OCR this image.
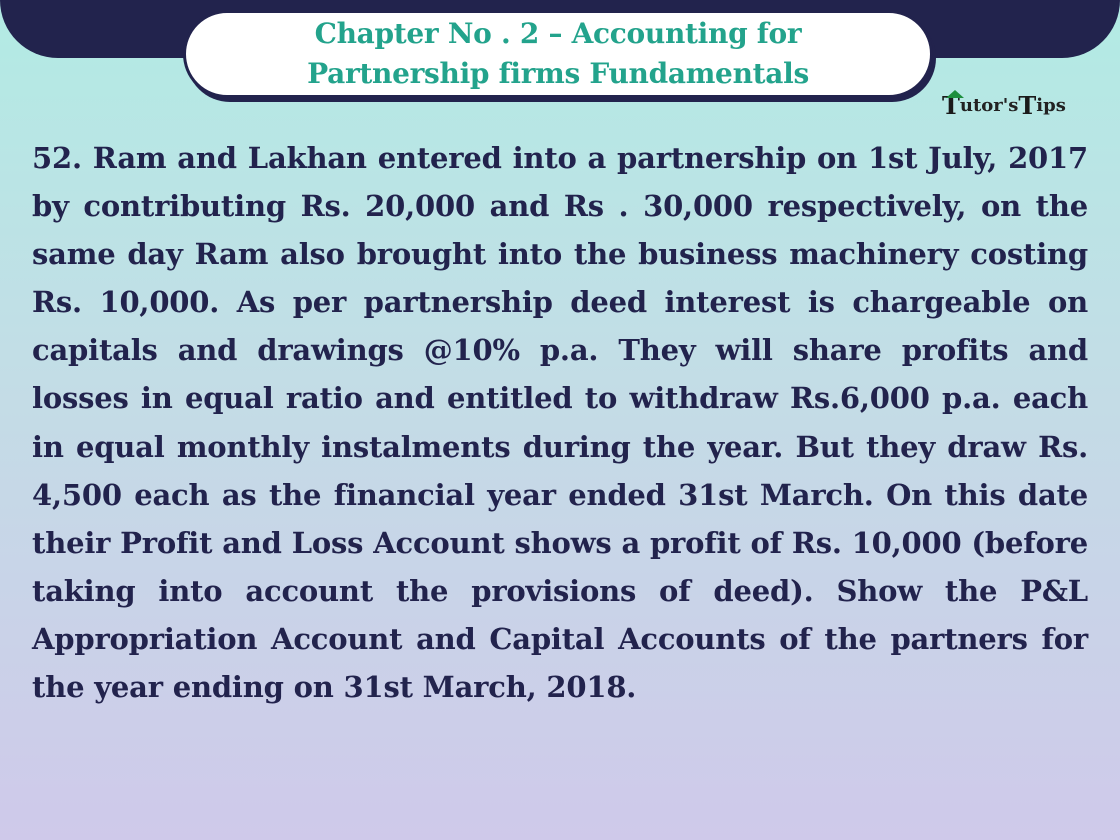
Chapter No . 2 – Accounting for
Partnership firms Fundamentals
T utor 's T ips
52. Ram and Lakhan entered into a partnership on 1st July, 2017 by contributing Rs. 20,000 and Rs . 30,000 respectively, on the same day Ram also brought into the business machinery costing Rs. 10,000. As per partnership deed interest is chargeable on capitals and drawings @10% p.a. They will share profits and losses in equal ratio and entitled to withdraw Rs.6,000 p.a. each in equal monthly instalments during the year. But they draw Rs. 4,500 each as the financial year ended 31st March. On this date their Profit and Loss Account shows a profit of Rs. 10,000 (before taking into account the provisions of deed). Show the P&L Appropriation Account and Capital Accounts of the partners for the year ending on 31st March, 2018.
